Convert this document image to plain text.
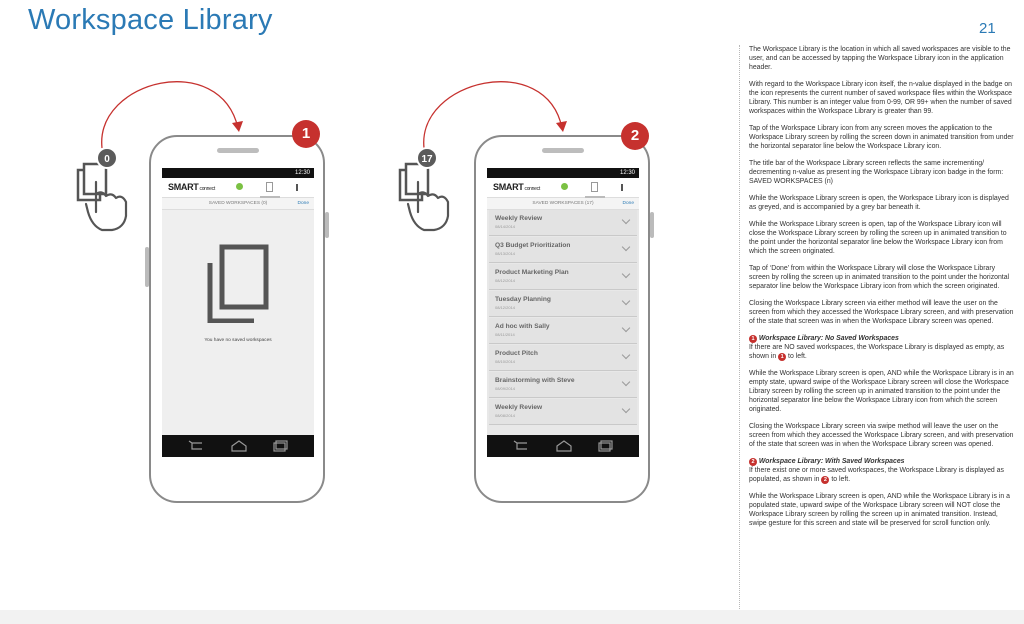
Workspace Library	21
0	17
12:30
SMARTconnect
SAVED WORKSPACES (0)	Done
You have no saved workspaces
1
12:30
SMARTconnect
SAVED WORKSPACES (17)	Done
Weekly Review
08/14/2014
Q3 Budget Prioritization
08/13/2014
Product Marketing Plan
08/12/2014
Tuesday Planning
08/12/2014
Ad hoc with Sally
08/11/2014
Product Pitch
08/10/2014
Brainstorming with Steve
08/09/2014
Weekly Review
08/08/2014
2

The Workspace Library is the location in which all saved workspaces are visible to the user, and can be accessed by tapping the Workspace Library icon in the application header.

With regard to the Workspace Library icon itself, the n-value displayed in the badge on the icon represents the current number of saved workspace files within the Workspace Library. This number is an integer value from 0-99, OR 99+ when the number of saved workspaces within the Workspace Library is greater than 99.

Tap of the Workspace Library icon from any screen moves the application to the Workspace Library screen by rolling the screen down in animated transition from under the horizontal separator line below the Workspace Library icon.

The title bar of the Workspace Library screen reflects the same incrementing/ decrementing n-value as present ing the Workspace Library icon badge in the form: SAVED WORKSPACES (n)

While the Workspace Library screen is open, the Workspace Library icon is displayed as greyed, and is accompanied by a grey bar beneath it.

While the Workspace Library screen is open, tap of the Workspace Library icon will close the Workspace Library screen by rolling the screen up in animated transition to the point under the horizontal separator line below the Workspace Library icon from which the screen originated.

Tap of ‘Done’ from within the Workspace Library will close the Workspace Library screen by rolling the screen up in animated transition to the point under the horizontal separator line below the Workspace Library icon from which the screen originated.

Closing the Workspace Library screen via either method will leave the user on the screen from which they accessed the Workspace Library screen, and with preservation of the state that screen was in when the Workspace Library screen was opened.

1 Workspace Library: No Saved Workspaces
If there are NO saved workspaces, the Workspace Library is displayed as empty, as shown in 1 to left.

While the Workspace Library screen is open, AND while the Workspace Library is in an empty state, upward swipe of the Workspace Library screen will close the Workspace Library screen by rolling the screen up in animated transition to the point under the horizontal separator line below the Workspace Library icon from which the screen originated.

Closing the Workspace Library screen via swipe method will leave the user on the screen from which they accessed the Workspace Library screen, and with preservation of the state that screen was in when the Workspace Library screen was opened.

2 Workspace Library: With Saved Workspaces
If there exist one or more saved workspaces, the Workspace Library is displayed as populated, as shown in 2 to left.

While the Workspace Library screen is open, AND while the Workspace Library is in a populated state, upward swipe of the Workspace Library screen will NOT close the Workspace Library screen by rolling the screen up in animated transition. Instead, swipe gesture for this screen and state will be preserved for scroll function only.
